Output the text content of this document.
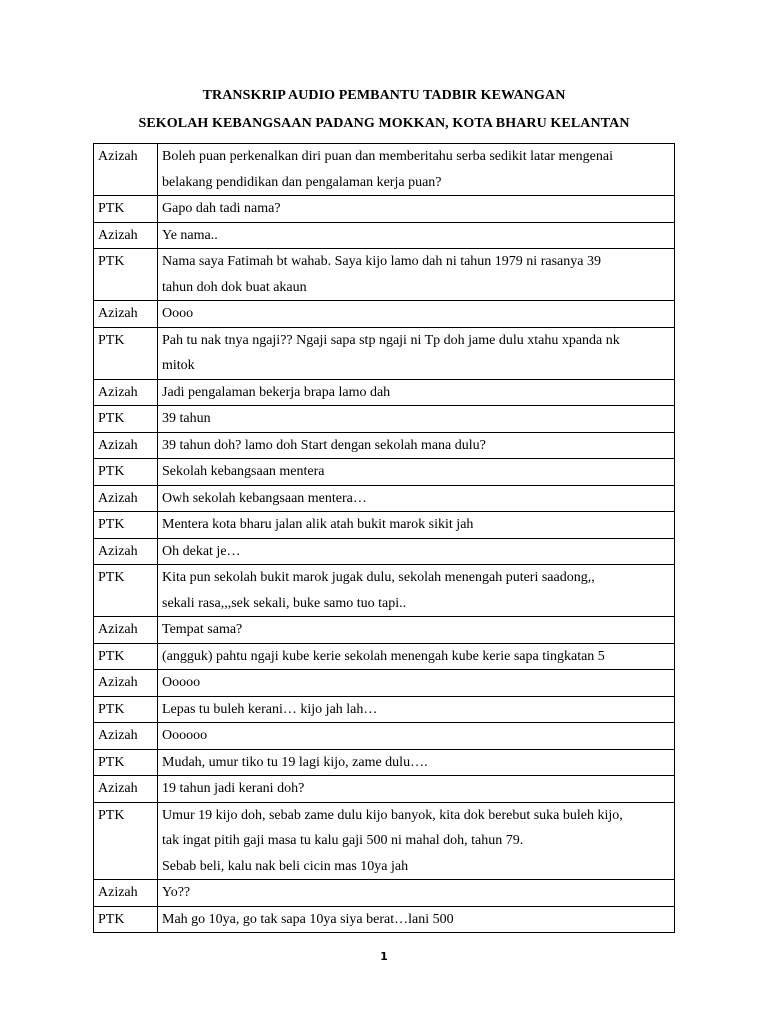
TRANSKRIP AUDIO PEMBANTU TADBIR KEWANGAN
SEKOLAH KEBANGSAAN PADANG MOKKAN, KOTA BHARU KELANTAN
Azizah	Boleh puan perkenalkan diri puan dan memberitahu serba sedikit latar mengenai
belakang pendidikan dan pengalaman kerja puan?

PTK	Gapo dah tadi nama?

Azizah	Ye nama..

PTK	Nama saya Fatimah bt wahab. Saya kijo lamo dah ni tahun 1979 ni rasanya 39
tahun doh dok buat akaun

Azizah	Oooo

PTK	Pah tu nak tnya ngaji?? Ngaji sapa stp ngaji ni Tp doh jame dulu xtahu xpanda nk
mitok

Azizah	Jadi pengalaman bekerja brapa lamo dah

PTK	39 tahun

Azizah	39 tahun doh? lamo doh Start dengan sekolah mana dulu?

PTK	Sekolah kebangsaan mentera

Azizah	Owh sekolah kebangsaan mentera…

PTK	Mentera kota bharu jalan alik atah bukit marok sikit jah

Azizah	Oh dekat je…

PTK	Kita pun sekolah bukit marok jugak dulu, sekolah menengah puteri saadong,,
sekali rasa,,,sek sekali, buke samo tuo tapi..

Azizah	Tempat sama?

PTK	(angguk) pahtu ngaji kube kerie sekolah menengah kube kerie sapa tingkatan 5

Azizah	Ooooo

PTK	Lepas tu buleh kerani… kijo jah lah…

Azizah	Oooooo

PTK	Mudah, umur tiko tu 19 lagi kijo, zame dulu….

Azizah	19 tahun jadi kerani doh?

PTK	Umur 19 kijo doh, sebab zame dulu kijo banyok, kita dok berebut suka buleh kijo,
tak ingat pitih gaji masa tu kalu gaji 500 ni mahal doh, tahun 79.
Sebab beli, kalu nak beli cicin mas 10ya jah

Azizah	Yo??

PTK	Mah go 10ya, go tak sapa 10ya siya berat…lani 500
1
